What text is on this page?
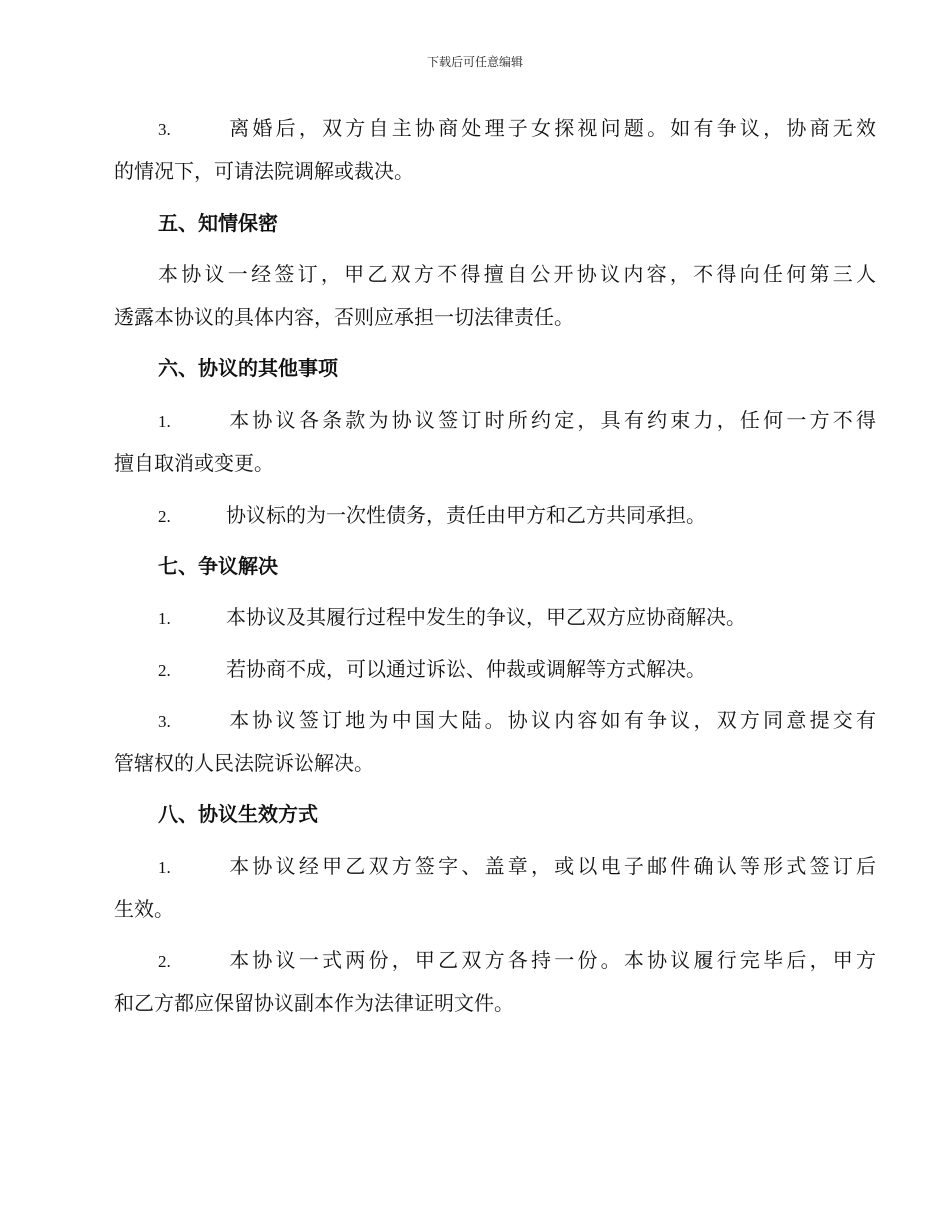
下载后可任意编辑
3.	离婚后，双方自主协商处理子女探视问题。如有争议，协商无效
的情况下，可请法院调解或裁决。
本协议一经签订，甲乙双方不得擅自公开协议内容，不得向任何第三人
透露本协议的具体内容，否则应承担一切法律责任。
1.	本协议各条款为协议签订时所约定，具有约束力，任何一方不得
擅自取消或变更。
2.	协议标的为一次性债务，责任由甲方和乙方共同承担。
1.	本协议及其履行过程中发生的争议，甲乙双方应协商解决。
2.	若协商不成，可以通过诉讼、仲裁或调解等方式解决。
3.	本协议签订地为中国大陆。协议内容如有争议，双方同意提交有
管辖权的人民法院诉讼解决。
1.	本协议经甲乙双方签字、盖章，或以电子邮件确认等形式签订后
生效。
2.	本协议一式两份，甲乙双方各持一份。本协议履行完毕后，甲方
和乙方都应保留协议副本作为法律证明文件。
五、知情保密
六、协议的其他事项
七、争议解决
八、协议生效方式
